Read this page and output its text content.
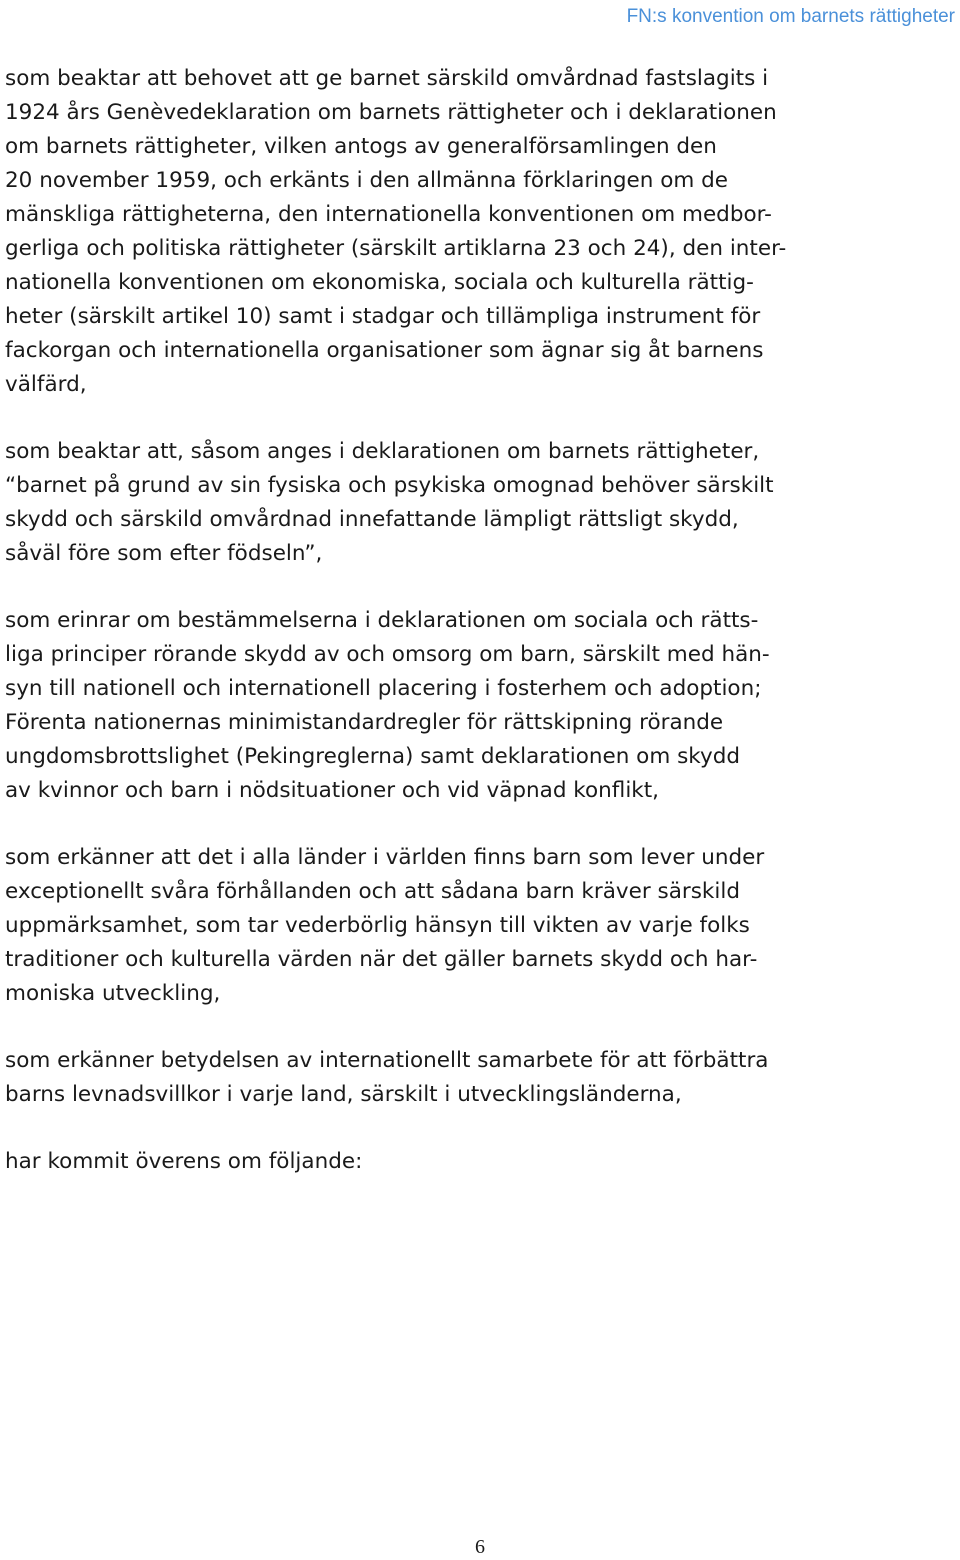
FN:s konvention om barnets rättigheter
som beaktar att behovet att ge barnet särskild omvårdnad fastslagits i
1924 års Genèvedeklaration om barnets rättigheter och i deklarationen
om barnets rättigheter, vilken antogs av generalförsamlingen den
20 november 1959, och erkänts i den allmänna förklaringen om de
mänskliga rättigheterna, den internationella konventionen om medbor-
gerliga och politiska rättigheter (särskilt artiklarna 23 och 24), den inter-
nationella konventionen om ekonomiska, sociala och kulturella rättig-
heter (särskilt artikel 10) samt i stadgar och tillämpliga instrument för
fackorgan och internationella organisationer som ägnar sig åt barnens
välfärd,
som beaktar att, såsom anges i deklarationen om barnets rättigheter,
“barnet på grund av sin fysiska och psykiska omognad behöver särskilt
skydd och särskild omvårdnad innefattande lämpligt rättsligt skydd,
såväl före som efter födseln”,
som erinrar om bestämmelserna i deklarationen om sociala och rätts-
liga principer rörande skydd av och omsorg om barn, särskilt med hän-
syn till nationell och internationell placering i fosterhem och adoption;
Förenta nationernas minimistandardregler för rättskipning rörande
ungdomsbrottslighet (Pekingreglerna) samt deklarationen om skydd
av kvinnor och barn i nödsituationer och vid väpnad konflikt,
som erkänner att det i alla länder i världen finns barn som lever under
exceptionellt svåra förhållanden och att sådana barn kräver särskild
uppmärksamhet, som tar vederbörlig hänsyn till vikten av varje folks
traditioner och kulturella värden när det gäller barnets skydd och har-
moniska utveckling,
som erkänner betydelsen av internationellt samarbete för att förbättra
barns levnadsvillkor i varje land, särskilt i utvecklingsländerna,
har kommit överens om följande:
6
